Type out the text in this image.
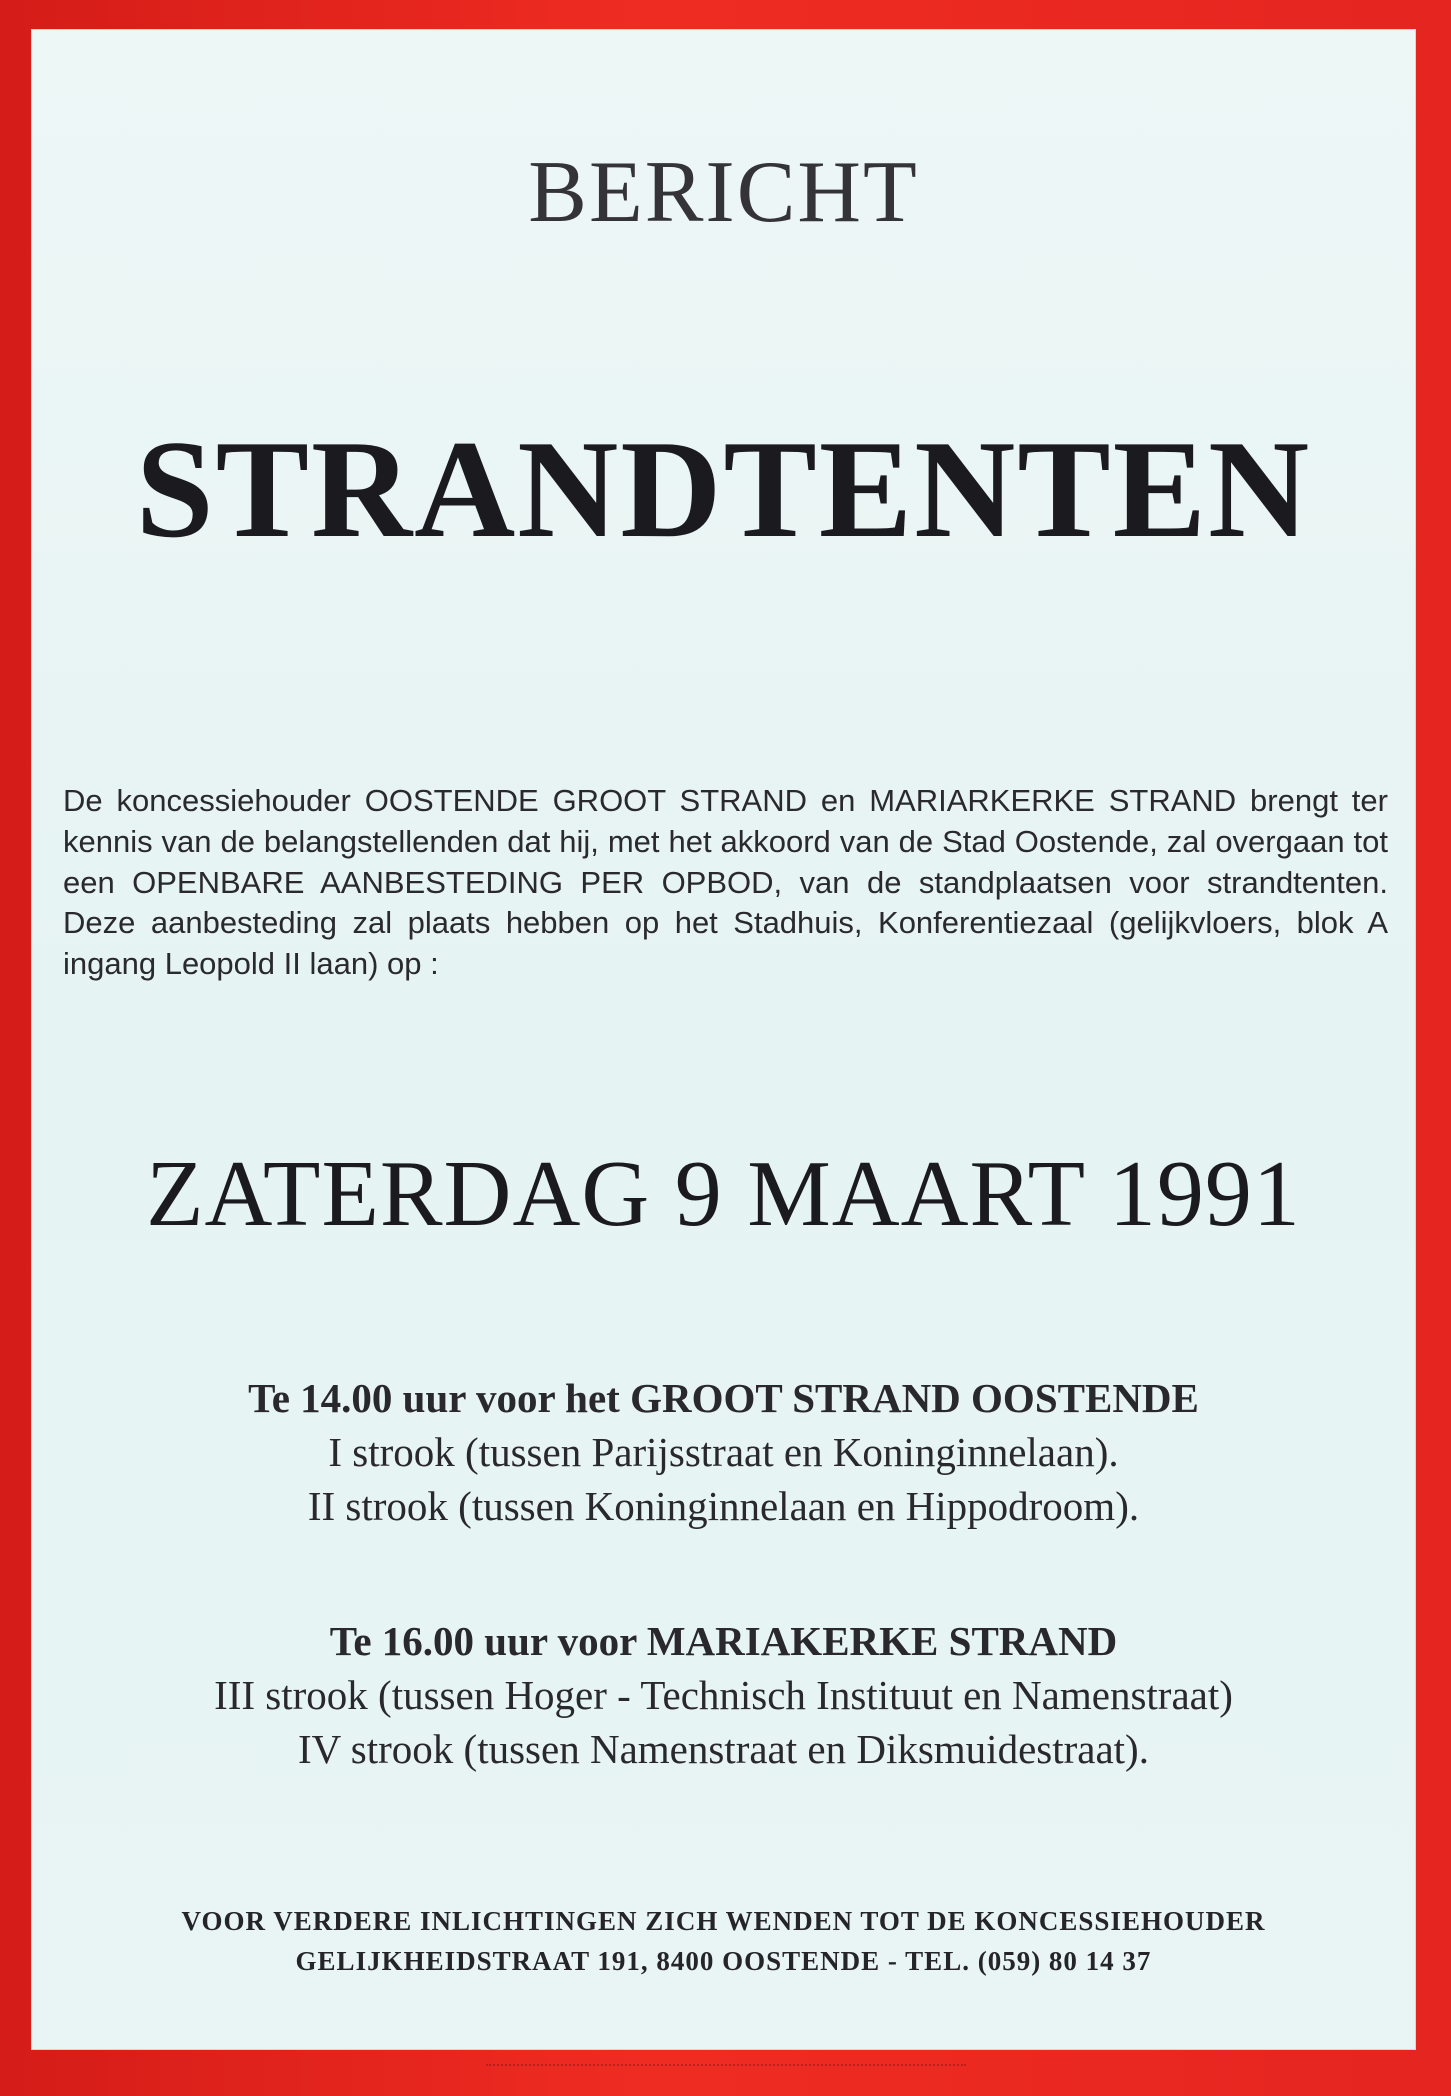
BERICHT
STRANDTENTEN

De koncessiehouder OOSTENDE GROOT STRAND en MARIARKERKE STRAND brengt ter kennis van de belangstellenden dat hij, met het akkoord van de Stad Oostende, zal overgaan tot een OPENBARE AANBESTEDING PER OPBOD, van de standplaatsen voor strandtenten. Deze aanbesteding zal plaats hebben op het Stadhuis, Konferentiezaal (gelijkvloers, blok A ingang Leopold II laan) op :

ZATERDAG 9 MAART 1991
Te 14.00 uur voor het GROOT STRAND OOSTENDE
I strook (tussen Parijsstraat en Koninginnelaan).
II strook (tussen Koninginnelaan en Hippodroom).
Te 16.00 uur voor MARIAKERKE STRAND
III strook (tussen Hoger - Technisch Instituut en Namenstraat)
IV strook (tussen Namenstraat en Diksmuidestraat).
VOOR VERDERE INLICHTINGEN ZICH WENDEN TOT DE KONCESSIEHOUDER
GELIJKHEIDSTRAAT 191, 8400 OOSTENDE - TEL. (059) 80 14 37
